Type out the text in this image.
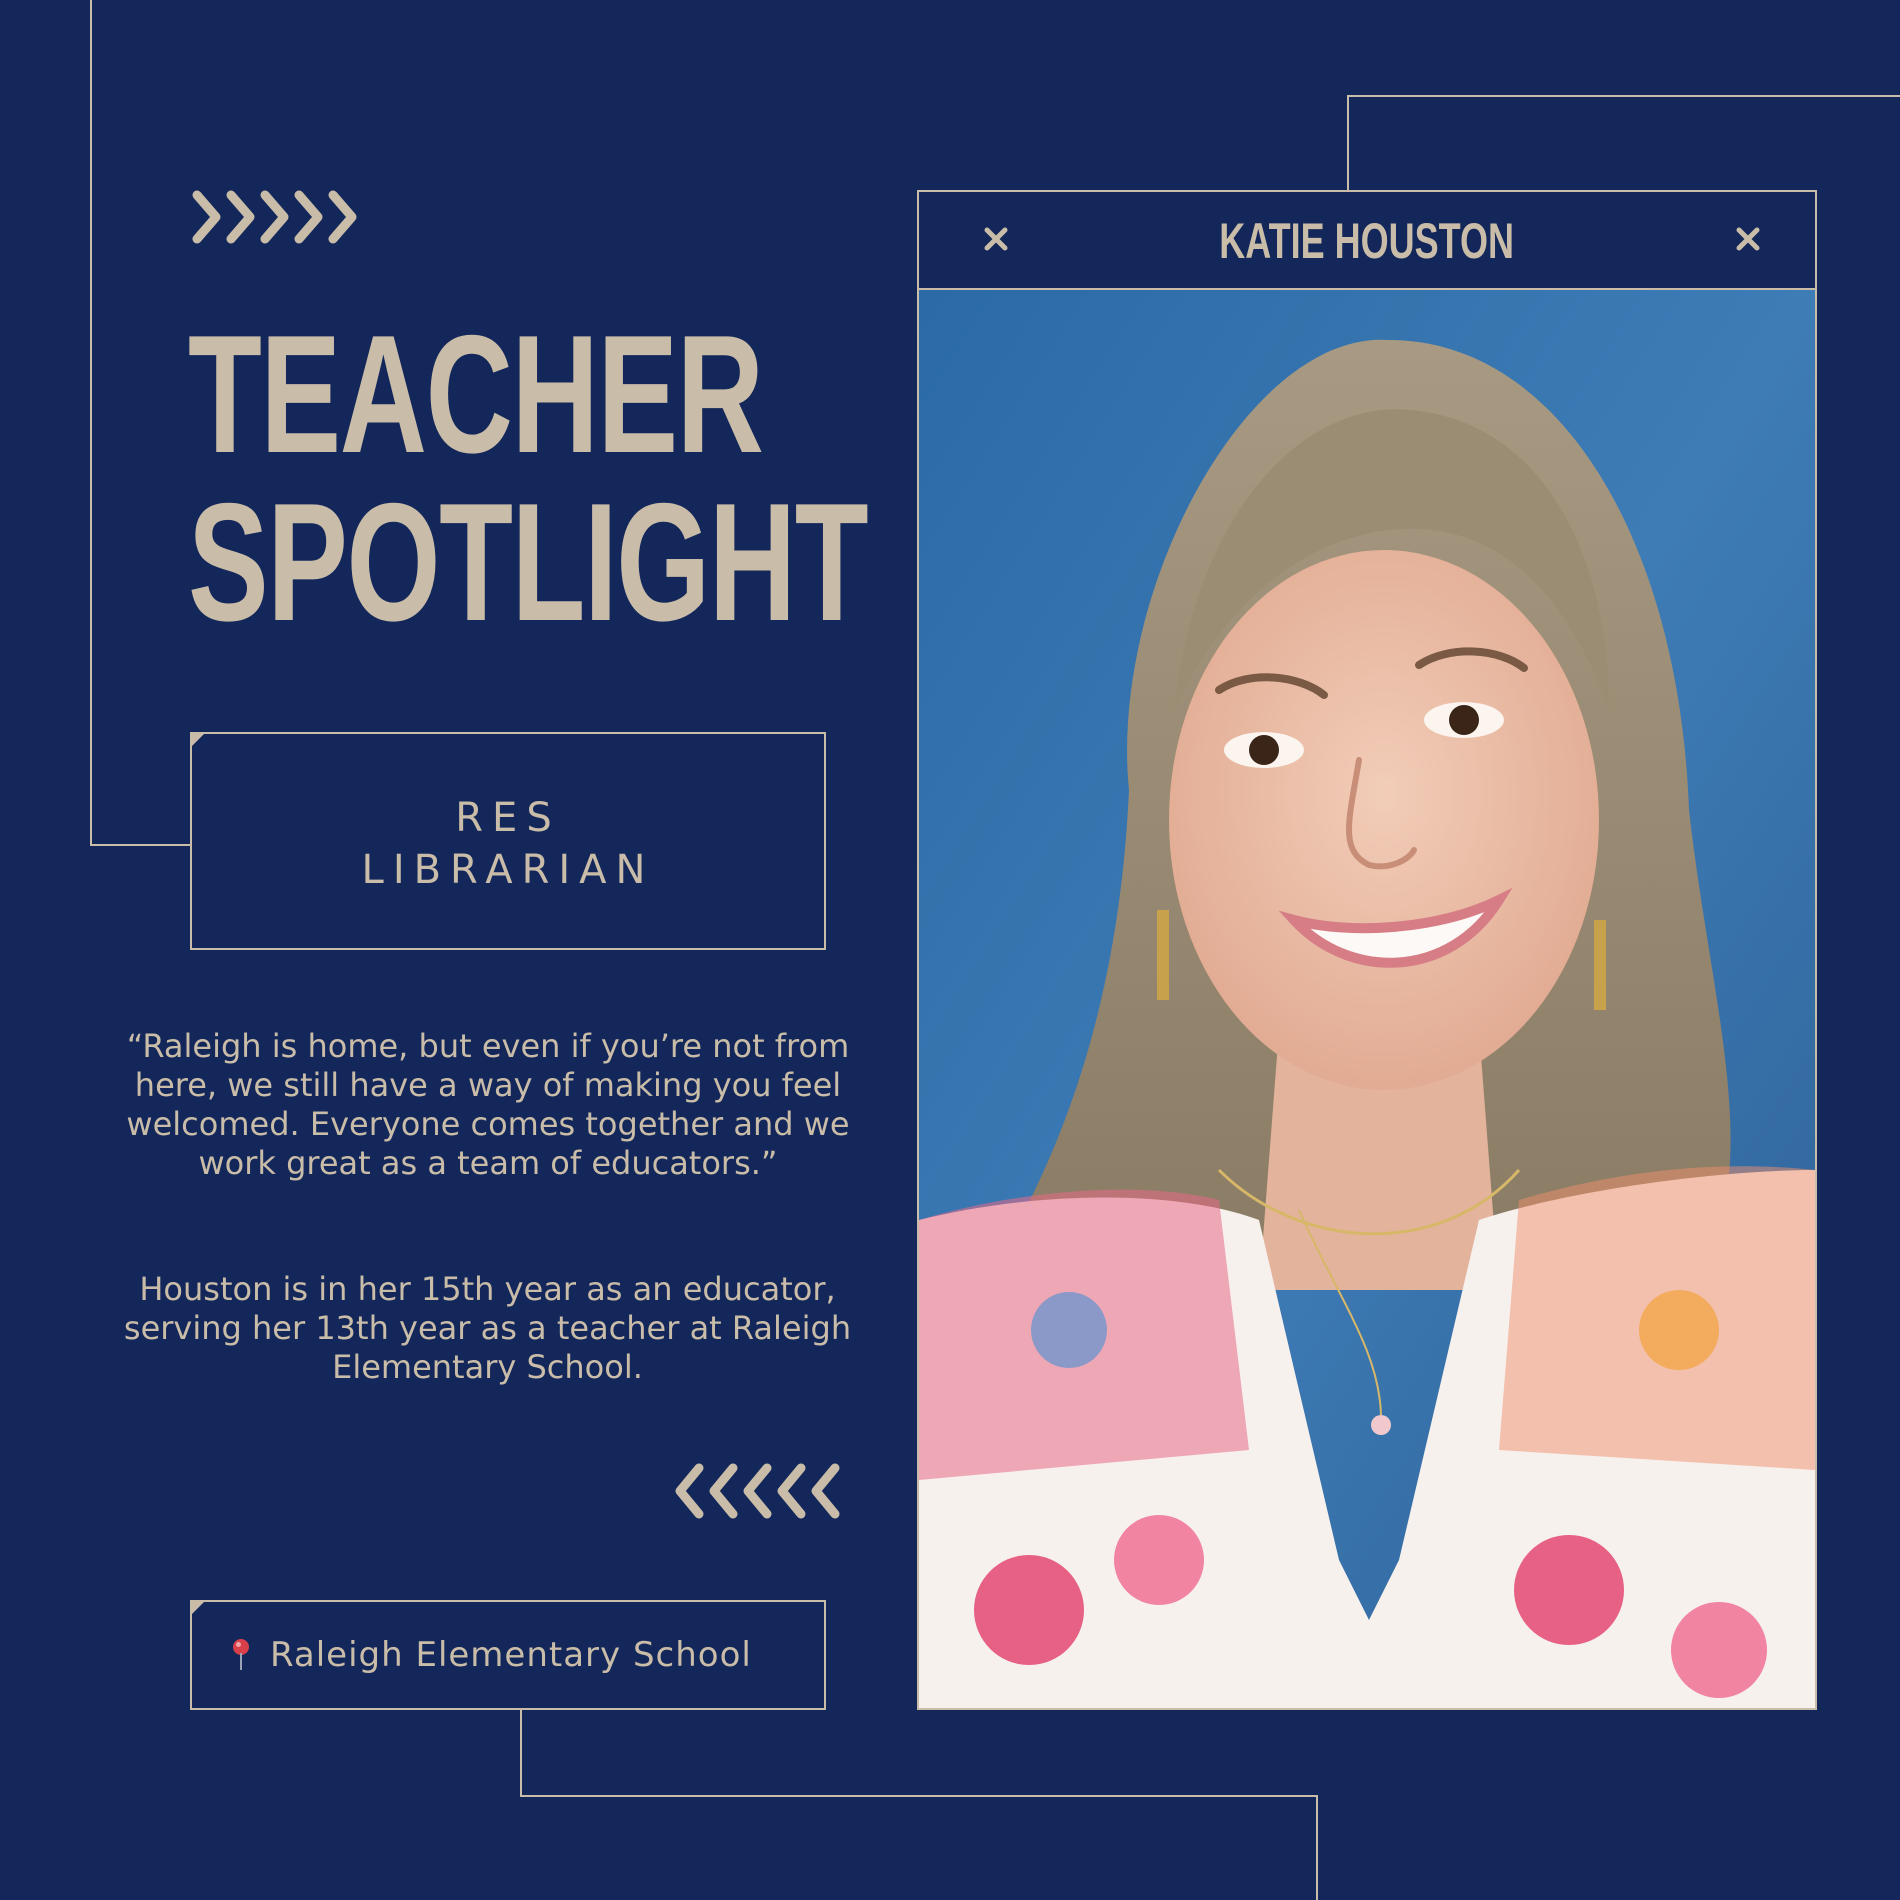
TEACHER
SPOTLIGHT
RES
LIBRARIAN

“Raleigh is home, but even if you’re not from here, we still have a way of making you feel welcomed. Everyone comes together and we work great as a team of educators.”

Houston is in her 15th year as an educator, serving her 13th year as a teacher at Raleigh Elementary School.

Raleigh Elementary School
KATIE HOUSTON
